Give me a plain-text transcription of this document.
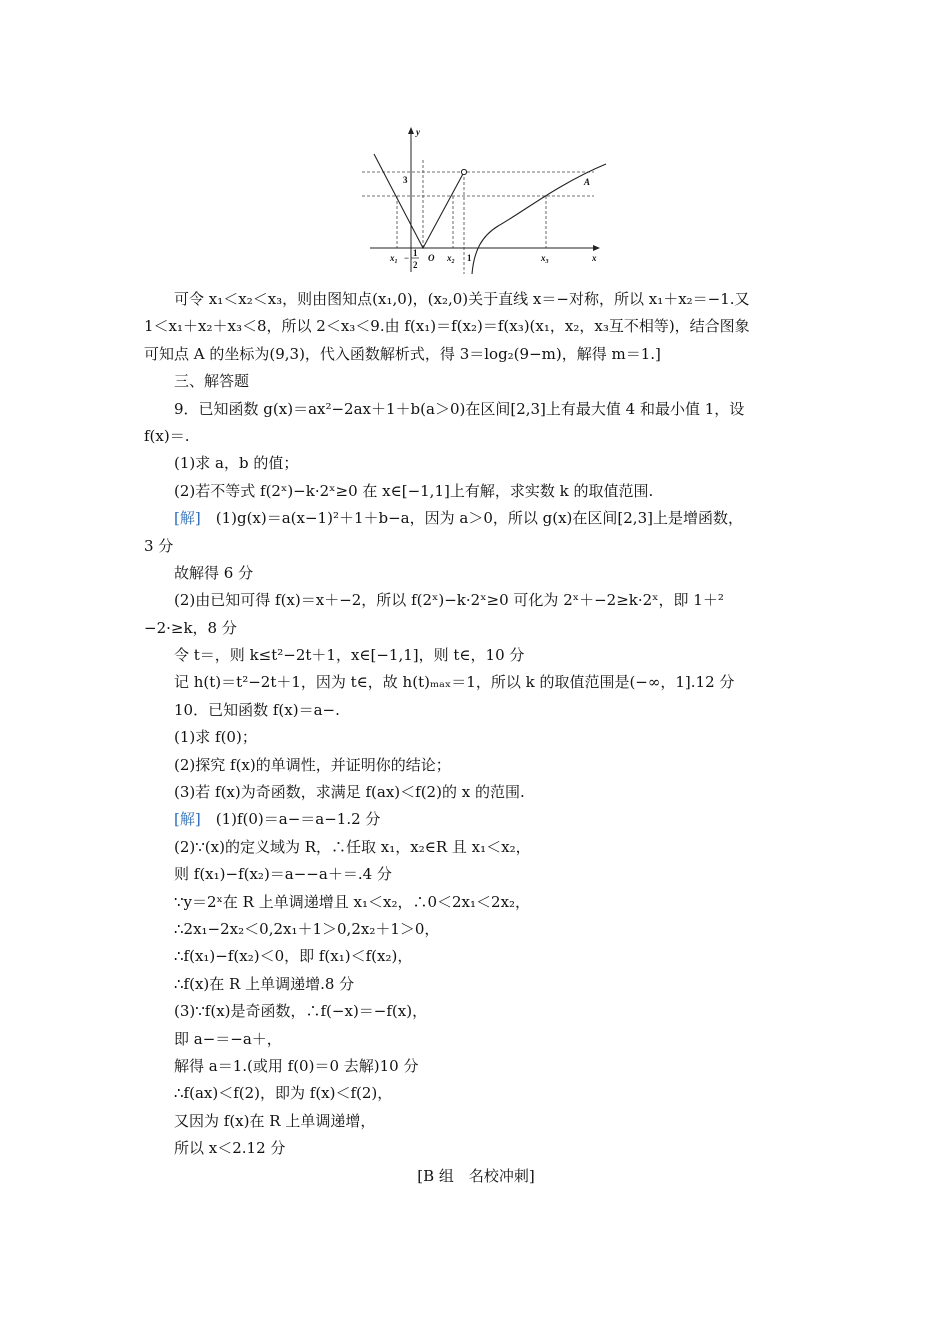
y
x
3	A
O
$x_1 - 1$
2
$x_2$ 1	$x_3$
可令 x₁＜x₂＜x₃，则由图知点(x₁,0)，(x₂,0)关于直线 x＝−对称，所以 x₁＋x₂＝−1.又
1＜x₁＋x₂＋x₃＜8，所以 2＜x₃＜9.由 f(x₁)＝f(x₂)＝f(x₃)(x₁，x₂，x₃互不相等)，结合图象
可知点 A 的坐标为(9,3)，代入函数解析式，得 3＝log₂(9−m)，解得 m＝1.]
三、解答题
9．已知函数 g(x)＝ax²−2ax＋1＋b(a＞0)在区间[2,3]上有最大值 4 和最小值 1，设
f(x)＝.
(1)求 a，b 的值；
(2)若不等式 f(2ˣ)−k·2ˣ≥0 在 x∈[−1,1]上有解，求实数 k 的取值范围.
[解]　(1)g(x)＝a(x−1)²＋1＋b−a，因为 a＞0，所以 g(x)在区间[2,3]上是增函数，
3 分
故解得 6 分
(2)由已知可得 f(x)＝x＋−2，所以 f(2ˣ)−k·2ˣ≥0 可化为 2ˣ＋−2≥k·2ˣ，即 1＋²
−2·≥k，8 分
令 t＝，则 k≤t²−2t＋1，x∈[−1,1]，则 t∈，10 分
记 h(t)＝t²−2t＋1，因为 t∈，故 h(t)ₘₐₓ＝1，所以 k 的取值范围是(−∞，1].12 分
10．已知函数 f(x)＝a−.
(1)求 f(0)；
(2)探究 f(x)的单调性，并证明你的结论；
(3)若 f(x)为奇函数，求满足 f(ax)＜f(2)的 x 的范围.
[解]　(1)f(0)＝a−＝a−1.2 分
(2)∵(x)的定义域为 R，∴任取 x₁，x₂∈R 且 x₁＜x₂，
则 f(x₁)−f(x₂)＝a−−a＋＝.4 分
∵y＝2ˣ在 R 上单调递增且 x₁＜x₂，∴0＜2x₁＜2x₂，
∴2x₁−2x₂＜0,2x₁＋1＞0,2x₂＋1＞0，
∴f(x₁)−f(x₂)＜0，即 f(x₁)＜f(x₂)，
∴f(x)在 R 上单调递增.8 分
(3)∵f(x)是奇函数，∴f(−x)＝−f(x)，
即 a−＝−a＋，
解得 a＝1.(或用 f(0)＝0 去解)10 分
∴f(ax)＜f(2)，即为 f(x)＜f(2)，
又因为 f(x)在 R 上单调递增，
所以 x＜2.12 分
[B 组　名校冲刺]
